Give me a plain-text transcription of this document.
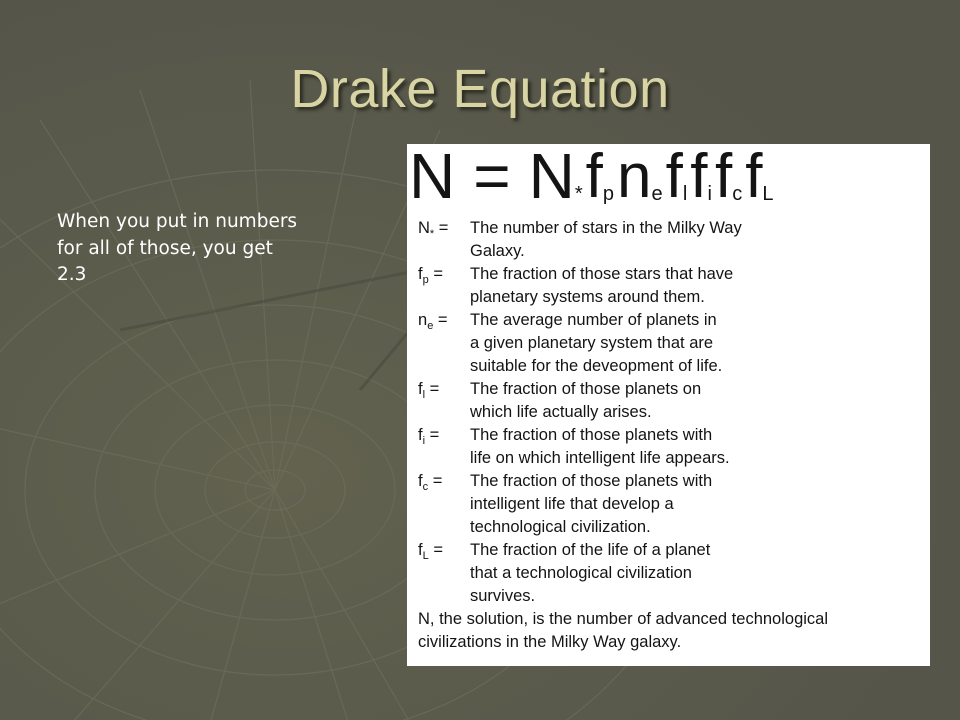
Drake Equation

When you put in numbers
for all of those, you get
2.3

N = N * f p n e f l f i f c f L
$N_*$ =	The number of stars in the Milky Way
Galaxy.
$f_p$ =	The fraction of those stars that have
planetary systems around them.
$n_e$ =	The average number of planets in
a given planetary system that are
suitable for the deveopment of life.
$f_l$ =	The fraction of those planets on
which life actually arises.
$f_i$ =	The fraction of those planets with
life on which intelligent life appears.
$f_c$ =	The fraction of those planets with
intelligent life that develop a
technological civilization.
$f_L$ =	The fraction of the life of a planet
that a technological civilization
survives.
N, the solution, is the number of advanced technological
civilizations in the Milky Way galaxy.
